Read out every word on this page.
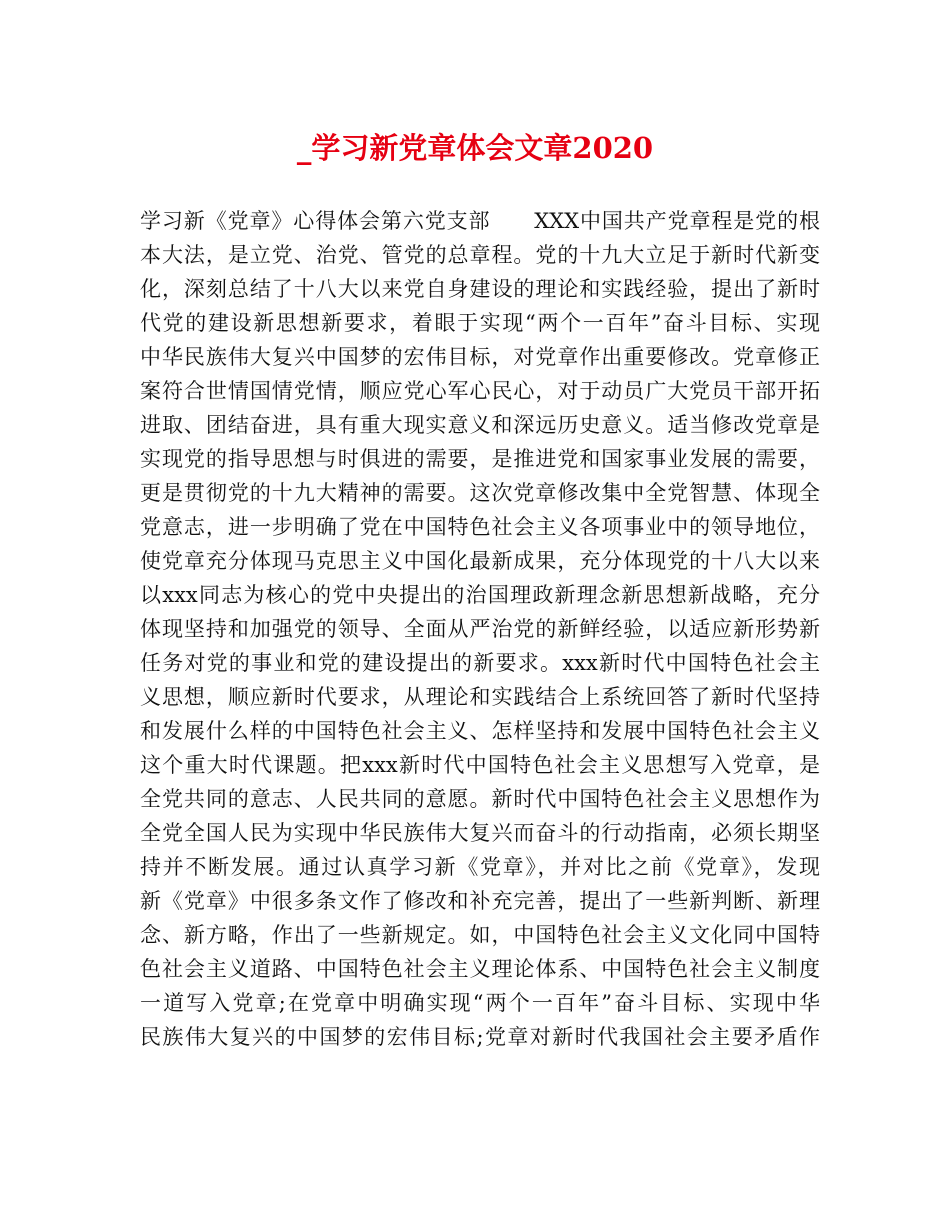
_学习新党章体会文章2020
学习新《党章》心得体会第六党支部　　XXX中国共产党章程是党的根
本大法，是立党、治党、管党的总章程。党的十九大立足于新时代新变
化，深刻总结了十八大以来党自身建设的理论和实践经验，提出了新时
代党的建设新思想新要求，着眼于实现“两个一百年”奋斗目标、实现
中华民族伟大复兴中国梦的宏伟目标，对党章作出重要修改。党章修正
案符合世情国情党情，顺应党心军心民心，对于动员广大党员干部开拓
进取、团结奋进，具有重大现实意义和深远历史意义。适当修改党章是
实现党的指导思想与时俱进的需要，是推进党和国家事业发展的需要，
更是贯彻党的十九大精神的需要。这次党章修改集中全党智慧、体现全
党意志，进一步明确了党在中国特色社会主义各项事业中的领导地位，
使党章充分体现马克思主义中国化最新成果，充分体现党的十八大以来
以xxx同志为核心的党中央提出的治国理政新理念新思想新战略，充分
体现坚持和加强党的领导、全面从严治党的新鲜经验，以适应新形势新
任务对党的事业和党的建设提出的新要求。xxx新时代中国特色社会主
义思想，顺应新时代要求，从理论和实践结合上系统回答了新时代坚持
和发展什么样的中国特色社会主义、怎样坚持和发展中国特色社会主义
这个重大时代课题。把xxx新时代中国特色社会主义思想写入党章，是
全党共同的意志、人民共同的意愿。新时代中国特色社会主义思想作为
全党全国人民为实现中华民族伟大复兴而奋斗的行动指南，必须长期坚
持并不断发展。通过认真学习新《党章》，并对比之前《党章》，发现
新《党章》中很多条文作了修改和补充完善，提出了一些新判断、新理
念、新方略，作出了一些新规定。如，中国特色社会主义文化同中国特
色社会主义道路、中国特色社会主义理论体系、中国特色社会主义制度
一道写入党章;在党章中明确实现“两个一百年”奋斗目标、实现中华
民族伟大复兴的中国梦的宏伟目标;党章对新时代我国社会主要矛盾作
